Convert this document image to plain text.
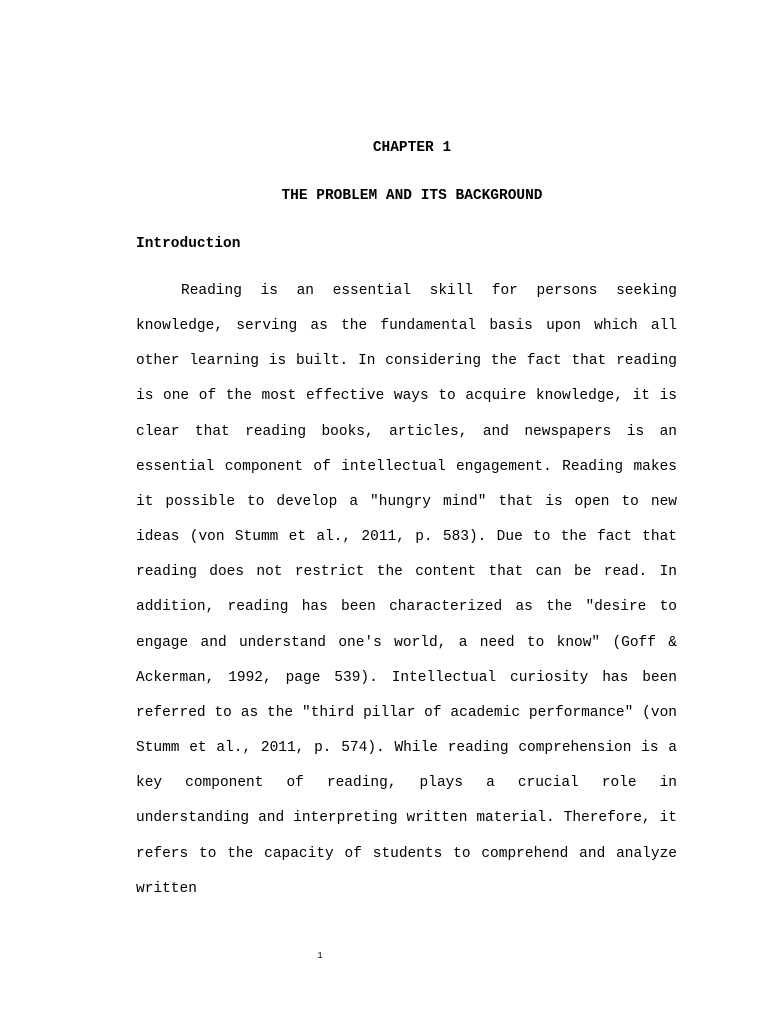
CHAPTER 1
THE PROBLEM AND ITS BACKGROUND
Introduction

Reading is an essential skill for persons seeking knowledge, serving as the fundamental basis upon which all other learning is built. In considering the fact that reading is one of the most effective ways to acquire knowledge, it is clear that reading books, articles, and newspapers is an essential component of intellectual engagement. Reading makes it possible to develop a "hungry mind" that is open to new ideas (von Stumm et al., 2011, p. 583). Due to the fact that reading does not restrict the content that can be read. In addition, reading has been characterized as the "desire to engage and understand one's world, a need to know" (Goff & Ackerman, 1992, page 539). Intellectual curiosity has been referred to as the "third pillar of academic performance" (von Stumm et al., 2011, p. 574). While reading comprehension is a key component of reading, plays a crucial role in understanding and interpreting written material. Therefore, it refers to the capacity of students to comprehend and analyze written

1
